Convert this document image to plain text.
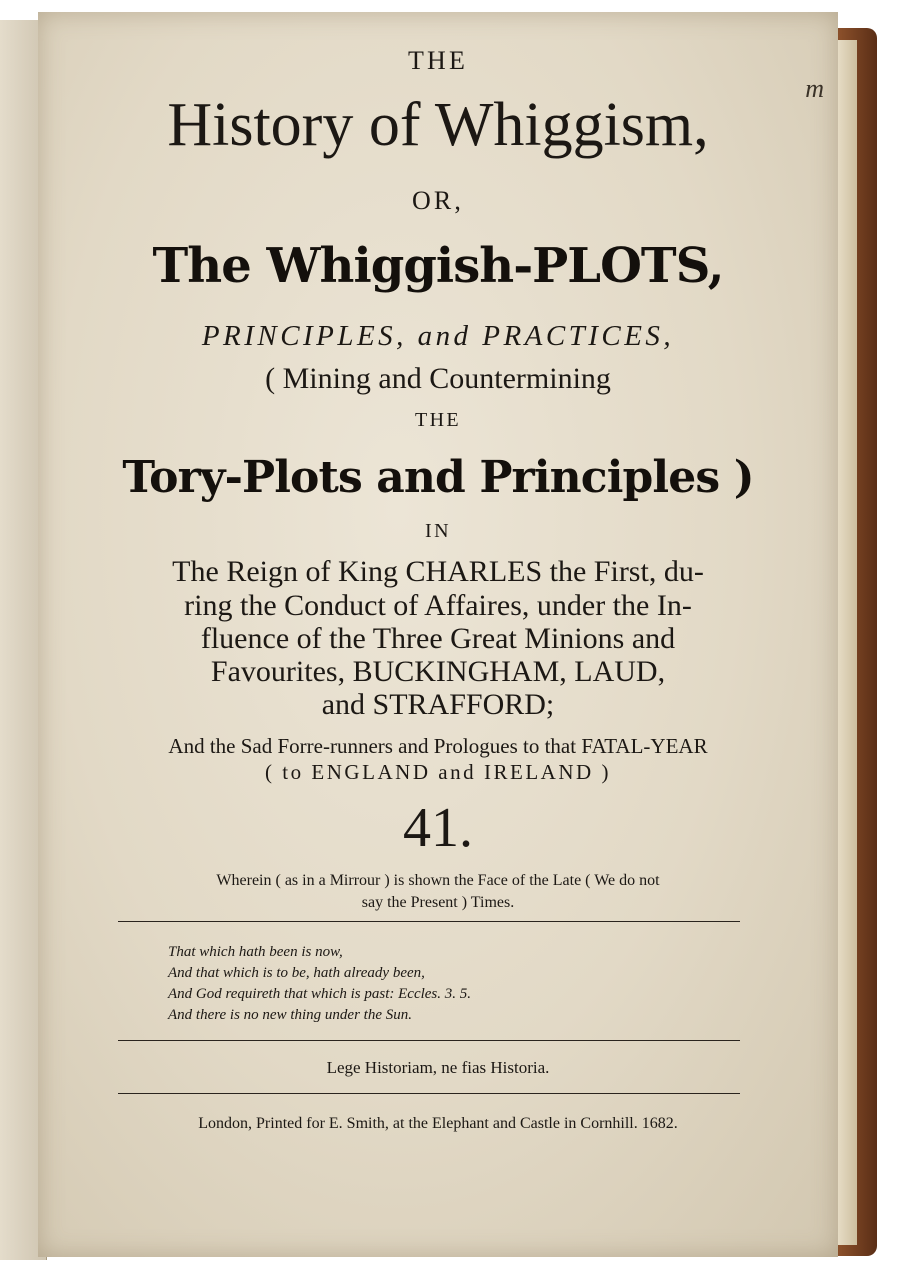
m
THE
History of Whiggism,
OR,
The Whiggish-PLOTS,
PRINCIPLES, and PRACTICES,
( Mining and Countermining
THE
Tory-Plots and Principles )
IN
The Reign of King CHARLES the First, du-
ring the Conduct of Affaires, under the In-
fluence of the Three Great Minions and
Favourites, BUCKINGHAM, LAUD,
and STRAFFORD;
And the Sad Forre-runners and Prologues to that FATAL-YEAR
( to ENGLAND and IRELAND )
41.
Wherein ( as in a Mirrour ) is shown the Face of the Late ( We do not
say the Present ) Times.
That which hath been is now,
And that which is to be, hath already been,
And God requireth that which is past: Eccles. 3. 5.
And there is no new thing under the Sun.
Lege Historiam, ne fias Historia.
London, Printed for E. Smith, at the Elephant and Castle in Cornhill. 1682.
